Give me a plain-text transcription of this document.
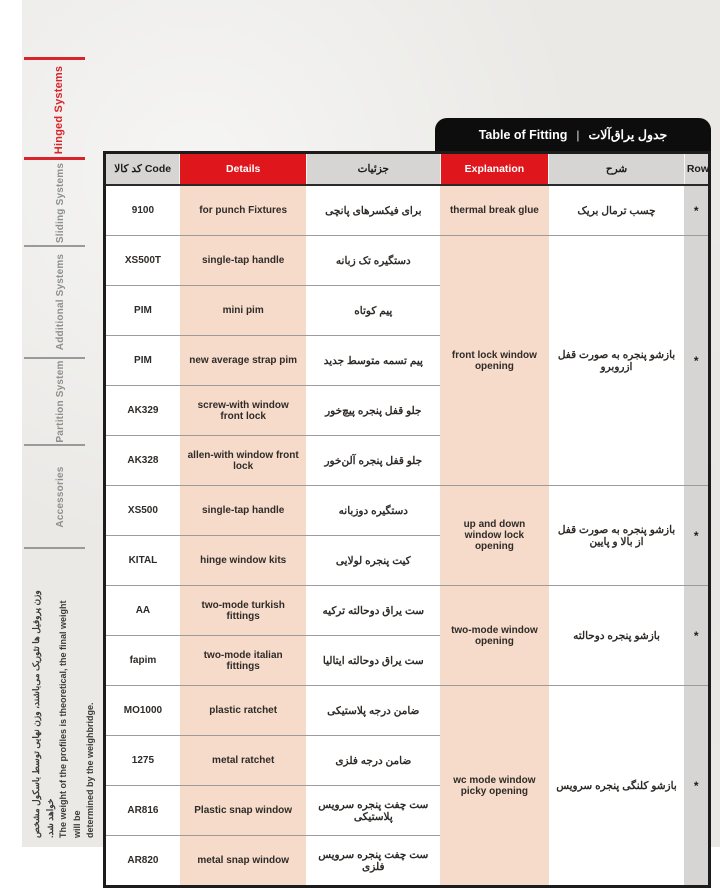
Hinged Systems
Sliding Systems
Additional Systems
Partition System
Accessories
وزن پروفیل ها تئوریک می‌باشند، وزن نهایی توسط باسکول مشخص خواهد شد. The weight of the profiles is theoretical, the final weight will be determined by the weighbridge.
Table of Fitting | جدول یراق‌آلات
کد کالا Code	Details	جزئیات	Explanation	شرح	Row
9100	for punch Fixtures	برای فیکسرهای پانچی	thermal break glue	چسب ترمال بریک	*
XS500T	single-tap handle	دستگیره تک زبانه	front lock window opening	بازشو پنجره به صورت قفل ازروبرو	*
PIM	mini pim	پیم کوتاه			
PIM	new average strap pim	پیم تسمه متوسط جدید			
AK329	screw-with window front lock	جلو قفل پنجره پیچ‌خور			
AK328	allen-with window front lock	جلو قفل پنجره آلن‌خور			
XS500	single-tap handle	دستگیره دوزبانه	up and down window lock opening	بازشو پنجره به صورت قفل از بالا و پایین	*
KITAL	hinge window kits	کیت پنجره لولایی			
AA	two-mode turkish fittings	ست یراق دوحالته ترکیه	two-mode window opening	بازشو پنجره دوحالته	*
fapim	two-mode italian fittings	ست یراق دوحالته ایتالیا			
MO1000	plastic ratchet	ضامن درجه پلاستیکی	wc mode window picky opening	بازشو کلنگی پنجره سرویس	*
1275	metal ratchet	ضامن درجه فلزی			
AR816	Plastic snap window	ست چفت پنجره سرویس پلاستیکی			
AR820	metal snap window	ست چفت پنجره سرویس فلزی			
